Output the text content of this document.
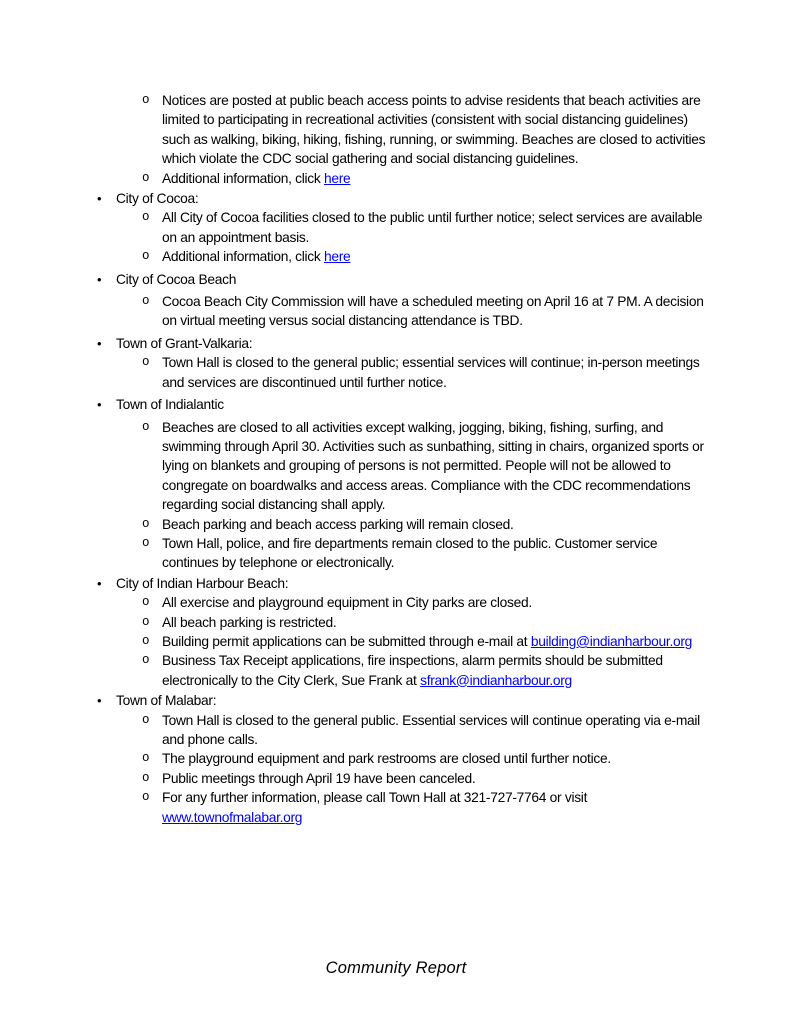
o Notices are posted at public beach access points to advise residents that beach activities are limited to participating in recreational activities (consistent with social distancing guidelines) such as walking, biking, hiking, fishing, running, or swimming. Beaches are closed to activities which violate the CDC social gathering and social distancing guidelines.
o Additional information, click here
• City of Cocoa:
o All City of Cocoa facilities closed to the public until further notice; select services are available on an appointment basis.
o Additional information, click here
• City of Cocoa Beach
o Cocoa Beach City Commission will have a scheduled meeting on April 16 at 7 PM. A decision on virtual meeting versus social distancing attendance is TBD.
• Town of Grant-Valkaria:
o Town Hall is closed to the general public; essential services will continue; in-person meetings and services are discontinued until further notice.
• Town of Indialantic
o Beaches are closed to all activities except walking, jogging, biking, fishing, surfing, and swimming through April 30. Activities such as sunbathing, sitting in chairs, organized sports or lying on blankets and grouping of persons is not permitted. People will not be allowed to congregate on boardwalks and access areas. Compliance with the CDC recommendations regarding social distancing shall apply.
o Beach parking and beach access parking will remain closed.
o Town Hall, police, and fire departments remain closed to the public. Customer service continues by telephone or electronically.
• City of Indian Harbour Beach:
o All exercise and playground equipment in City parks are closed.
o All beach parking is restricted.
o Building permit applications can be submitted through e-mail at building@indianharbour.org
o Business Tax Receipt applications, fire inspections, alarm permits should be submitted electronically to the City Clerk, Sue Frank at sfrank@indianharbour.org
• Town of Malabar:
o Town Hall is closed to the general public. Essential services will continue operating via e-mail and phone calls.
o The playground equipment and park restrooms are closed until further notice.
o Public meetings through April 19 have been canceled.
o For any further information, please call Town Hall at 321-727-7764 or visit www.townofmalabar.org
Community Report
